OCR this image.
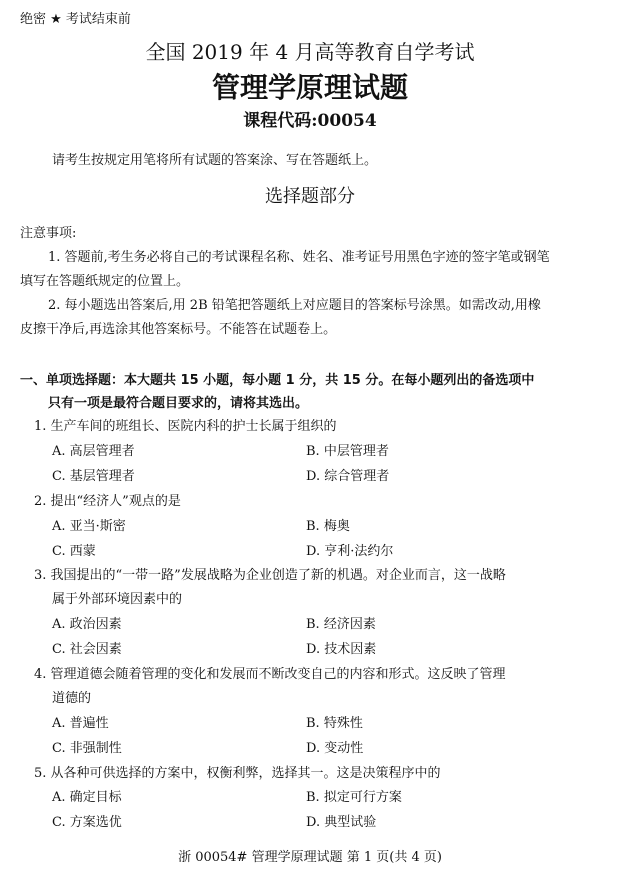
绝密 ★ 考试结束前
全国 2019 年 4 月高等教育自学考试
管理学原理试题
课程代码:00054
请考生按规定用笔将所有试题的答案涂、写在答题纸上。
选择题部分
注意事项:
1. 答题前,考生务必将自己的考试课程名称、姓名、准考证号用黑色字迹的签字笔或钢笔
填写在答题纸规定的位置上。
2. 每小题选出答案后,用 2B 铅笔把答题纸上对应题目的答案标号涂黑。如需改动,用橡
皮擦干净后,再选涂其他答案标号。不能答在试题卷上。
一、单项选择题：本大题共 15 小题，每小题 1 分，共 15 分。在每小题列出的备选项中
只有一项是最符合题目要求的，请将其选出。
1. 生产车间的班组长、医院内科的护士长属于组织的
A. 高层管理者	B. 中层管理者
C. 基层管理者	D. 综合管理者
2. 提出“经济人”观点的是
A. 亚当·斯密	B. 梅奥
C. 西蒙	D. 亨利·法约尔
3. 我国提出的“一带一路”发展战略为企业创造了新的机遇。对企业而言，这一战略
属于外部环境因素中的
A. 政治因素	B. 经济因素
C. 社会因素	D. 技术因素
4. 管理道德会随着管理的变化和发展而不断改变自己的内容和形式。这反映了管理
道德的
A. 普遍性	B. 特殊性
C. 非强制性	D. 变动性
5. 从各种可供选择的方案中，权衡利弊，选择其一。这是决策程序中的
A. 确定目标	B. 拟定可行方案
C. 方案选优	D. 典型试验
浙 00054# 管理学原理试题 第 1 页(共 4 页)
